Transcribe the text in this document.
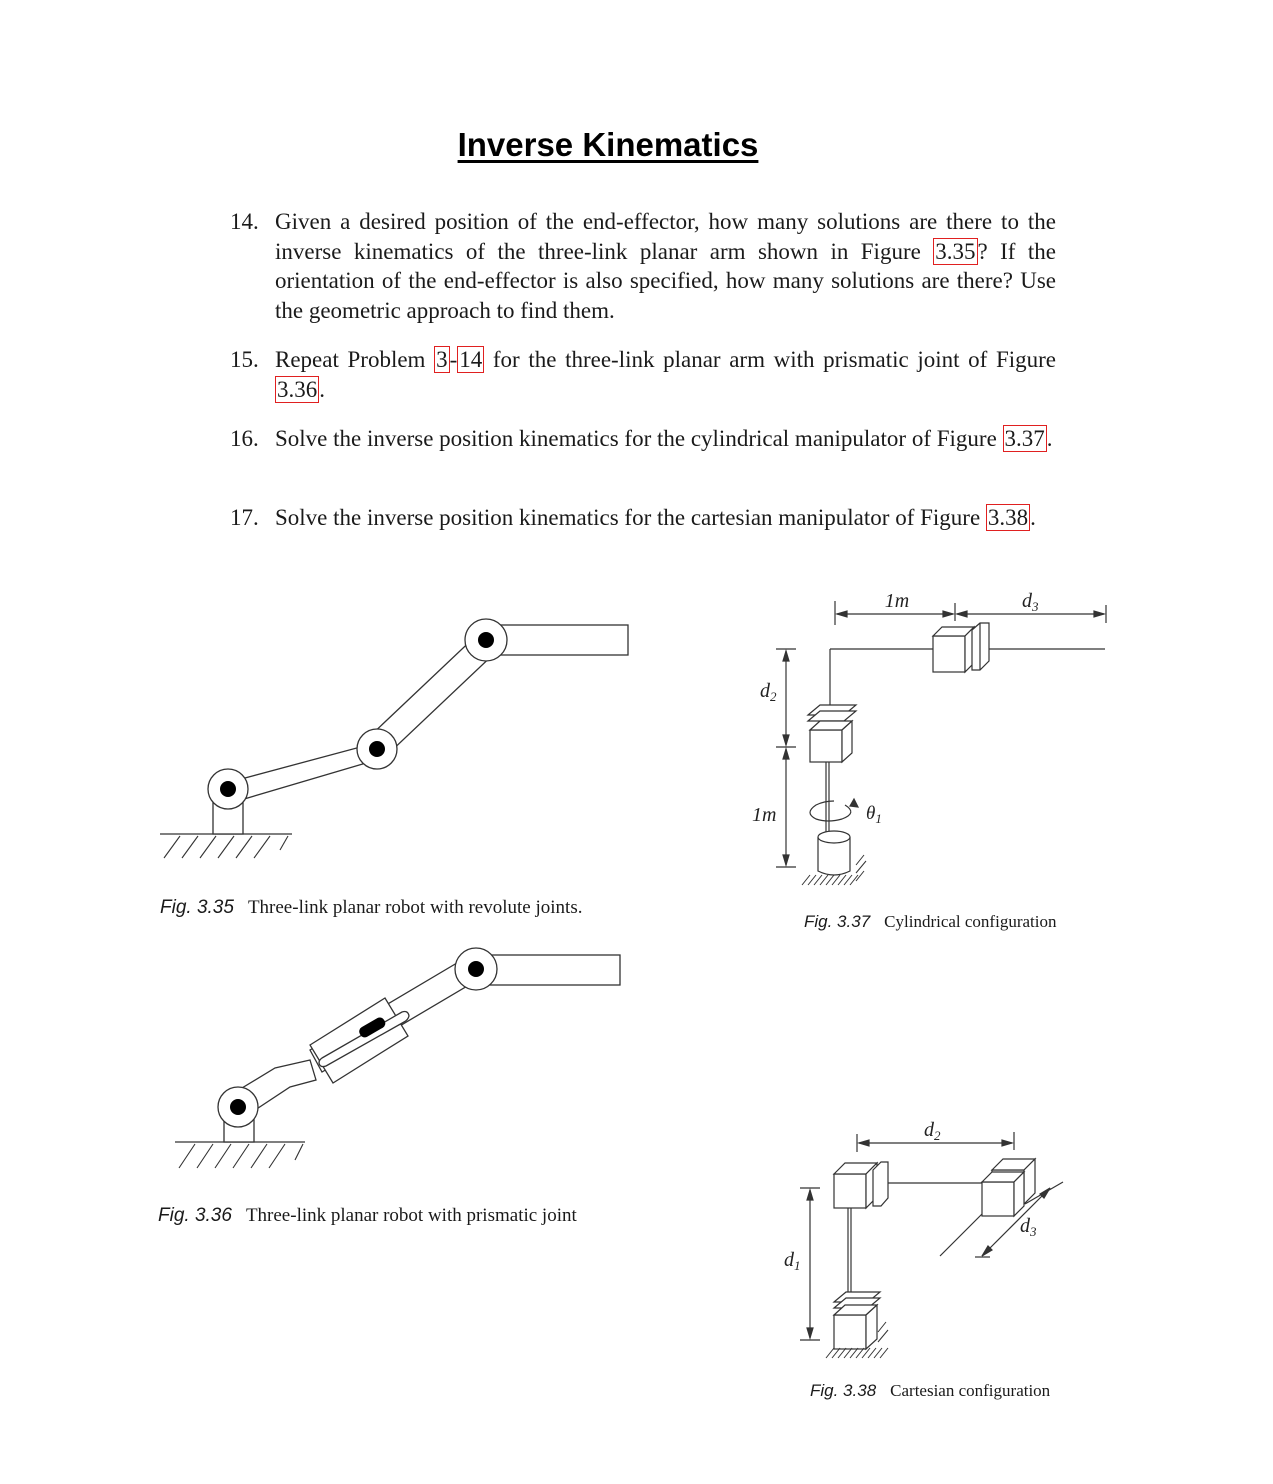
Inverse Kinematics
14. Given a desired position of the end-effector, how many solutions are there to the inverse kinematics of the three-link planar arm shown in Figure 3.35? If the orientation of the end-effector is also specified, how many solutions are there? Use the geometric approach to find them.
15. Repeat Problem 3-14 for the three-link planar arm with prismatic joint of Figure 3.36.
16. Solve the inverse position kinematics for the cylindrical manipulator of Figure 3.37.
17. Solve the inverse position kinematics for the cartesian manipulator of Figure 3.38.
Fig. 3.35 Three-link planar robot with revolute joints.
Fig. 3.36 Three-link planar robot with prismatic joint
1m	$d_3$
$d_2$
1m	$\theta_1$
Fig. 3.37 Cylindrical configuration
$d_2$
$d_1$
$d_3$
Fig. 3.38 Cartesian configuration
